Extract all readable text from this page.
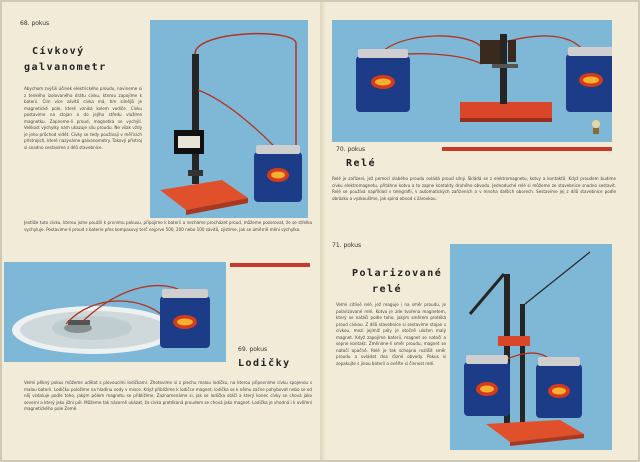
68. pokus
Cívkový
galvanometr
Abychom zvýšili účinek elektrického proudu, navineme si z tenkého izolovaného drátu cívku, kterou zapojíme k baterii. Čím více závitů cívka má, tím silnější je magnetické pole, které vzniká kolem vodiče. Cívku postavíme na stojan a do jejího středu vložíme magnetku. Zapneme-li proud, magnetka se vychýlí. Velikost výchylky nám ukazuje sílu proudu. Ne však vždy je jeho průchod vidět. Cívky se tedy používají v měřicích přístrojích, které nazýváme galvanometry. Takový přístroj si snadno sestavíme z dílů stavebnice.
Jestliže tuto cívku, kterou jsme použili k prvnímu pokusu, připojíme k baterii a necháme procházet proud, můžeme pozorovat, že se střelka vychyluje. Postavíme-li proud z baterie přes kompasový terč nejprve 500, 200 nebo 100 závitů, zjistíme, jak se úměrně mění výchylka.
69. pokus
Lodičky
Velmi pěkný pokus můžeme udělat s plovoucími lodičkami. Zhotovíme si z plechu malou lodičku, na kterou připevníme cívku spojenou s malou baterií. Lodičku položíme na hladinu vody v misce. Když přiblížíme k lodičce magnet, lodička se k němu začne pohybovat nebo se od něj vzdaluje podle toho, jakým pólem magnetu se přiblížíme. Zaznamenáme si, jak se lodička otáčí a který konec cívky se chová jako severní a který jako jižní pól. Můžeme tak názorně ukázat, že cívka protékaná proudem se chová jako magnet. Lodička je vhodná i k ověření magnetického pole Země.
70. pokus
Relé
Relé je zařízení, jež pomocí slabého proudu ovládá proud silný. Skládá se z elektromagnetu, kotvy a kontaktů. Když proudem budíme cívku elektromagnetu, přitáhne kotvu a ta zapne kontakty druhého obvodu. Jednoduché relé si můžeme ze stavebnice snadno sestavit. Relé se používá například v telegrafii, v automatických zařízeních a v mnoha dalších oborech. Sestavíme jej z dílů stavebnice podle obrázku a vyzkoušíme, jak spíná obvod s žárovkou.
71. pokus
Polarizované
relé
Velmi citlivé relé, jež reaguje i na směr proudu, je polarizované relé. Kotva je zde tvořena magnetem, který se natáčí podle toho, jakým směrem protéká proud cívkou. Z dílů stavebnice si sestavíme stojan s cívkou, mezi jejímiž póly je otočně uložen malý magnet. Když zapojíme baterii, magnet se natočí a sepne kontakt. Změníme-li směr proudu, magnet se natočí opačně. Relé je tak schopno rozlišit směr proudu a ovládat dva různé obvody. Pokus si zopakujte s jinou baterií a ověřte si činnost relé.
